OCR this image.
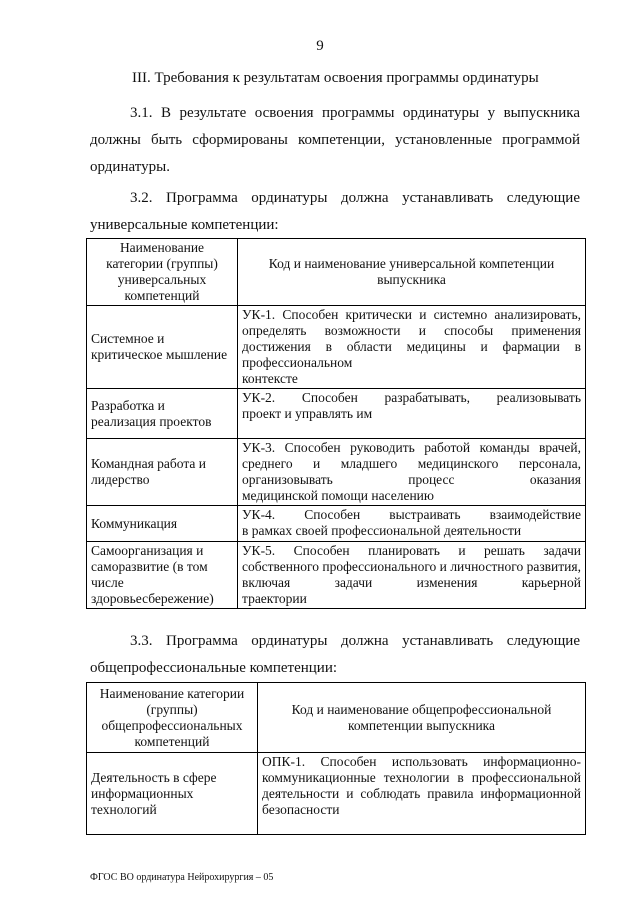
9
III. Требования к результатам освоения программы ординатуры
3.1. В результате освоения программы ординатуры у выпускника должны быть сформированы компетенции, установленные программой ординатуры.
3.2. Программа ординатуры должна устанавливать следующие универсальные компетенции:
Наименование категории (группы) универсальных компетенций	Код и наименование универсальной компетенции выпускника
Системное и критическое мышление	УК-1. Способен критически и системно анализировать, определять возможности и способы применения достижения в области медицины и фармации в профессиональном
контексте

Разработка и реализация проектов	УК-2. Способен разрабатывать, реализовывать
проект и управлять им

Командная работа и лидерство	УК-3. Способен руководить работой команды врачей, среднего и младшего медицинского персонала, организовывать процесс оказания
медицинской помощи населению

Коммуникация	УК-4. Способен выстраивать взаимодействие
в рамках своей профессиональной деятельности

Самоорганизация и саморазвитие (в том числе здоровьесбережение)	УК-5. Способен планировать и решать задачи собственного профессионального и личностного развития, включая задачи изменения карьерной
траектории
3.3. Программа ординатуры должна устанавливать следующие общепрофессиональные компетенции:
Наименование категории (группы) общепрофессиональных компетенций	Код и наименование общепрофессиональной компетенции выпускника
Деятельность в сфере информационных технологий	ОПК-1. Способен использовать информационно-коммуникационные технологии в профессиональной деятельности и соблюдать правила информационной
безопасности
ФГОС ВО ординатура Нейрохирургия – 05
